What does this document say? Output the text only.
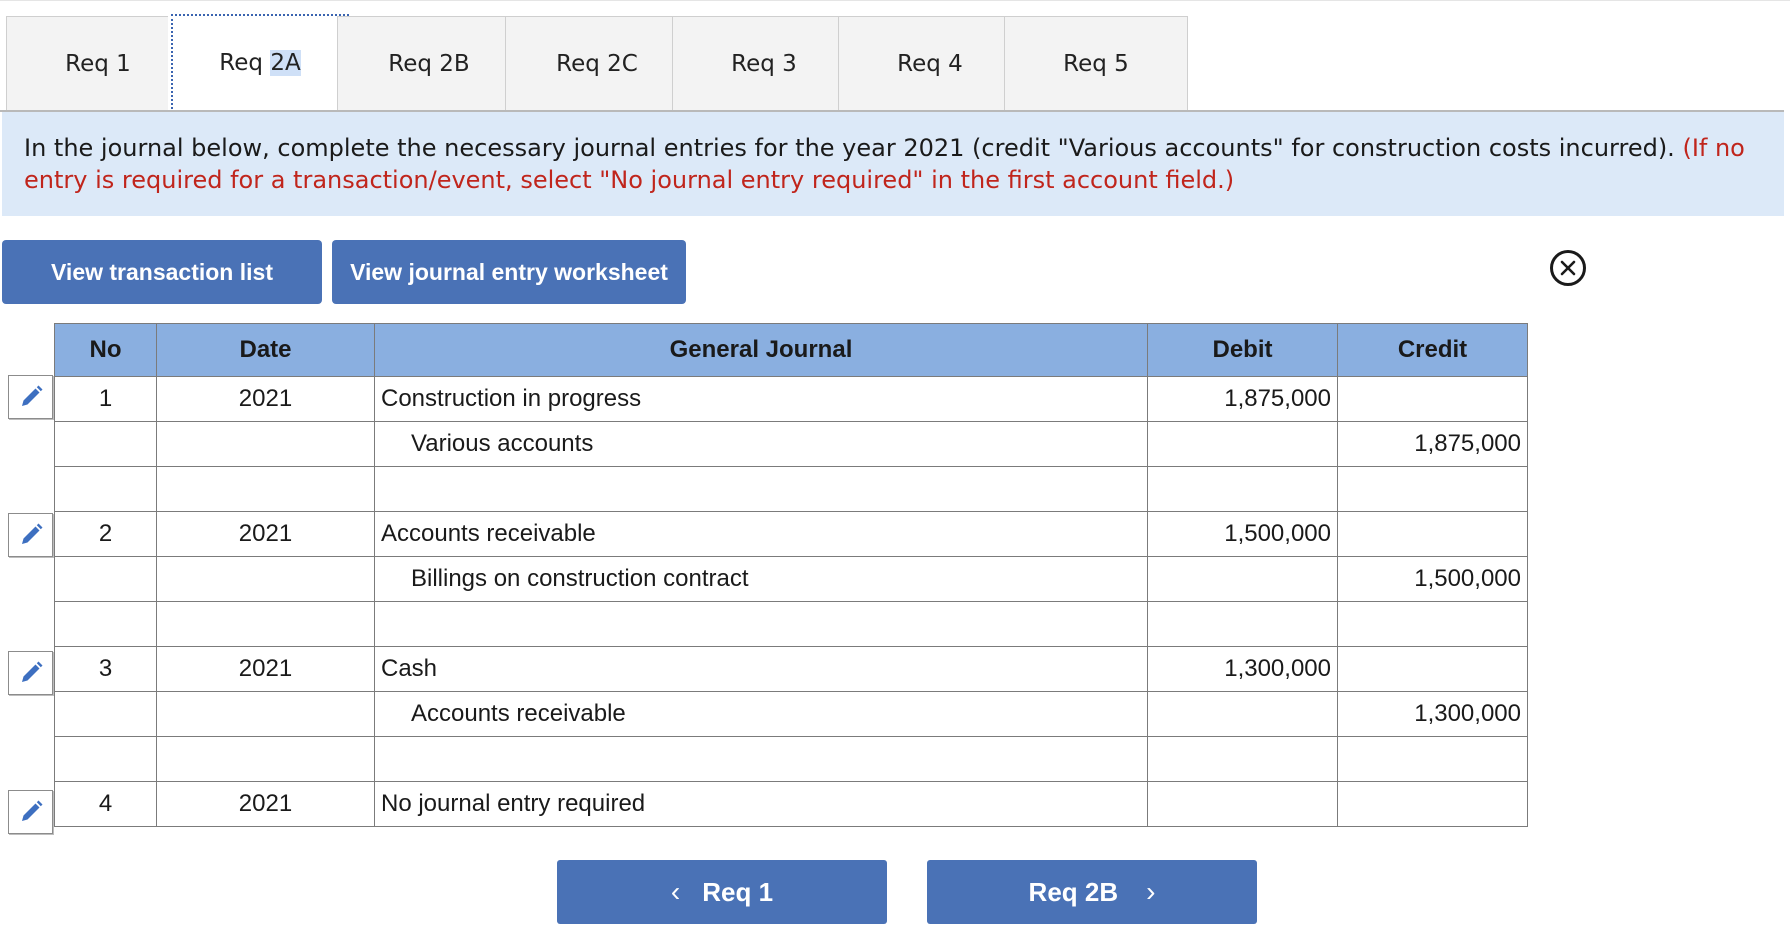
Req 1	Req 2A	Req 2B	Req 2C	Req 3	Req 4	Req 5
In the journal below, complete the necessary journal entries for the year 2021 (credit "Various accounts" for construction costs incurred). (If no entry is required for a transaction/event, select "No journal entry required" in the first account field.)
View transaction list	View journal entry worksheet
No	Date	General Journal	Debit	Credit
1	2021	Construction in progress	1,875,000	
		Various accounts		1,875,000

2	2021	Accounts receivable	1,500,000	
		Billings on construction contract		1,500,000

3	2021	Cash	1,300,000	
		Accounts receivable		1,300,000

4	2021	No journal entry required		
‹ Req 1	Req 2B ›
